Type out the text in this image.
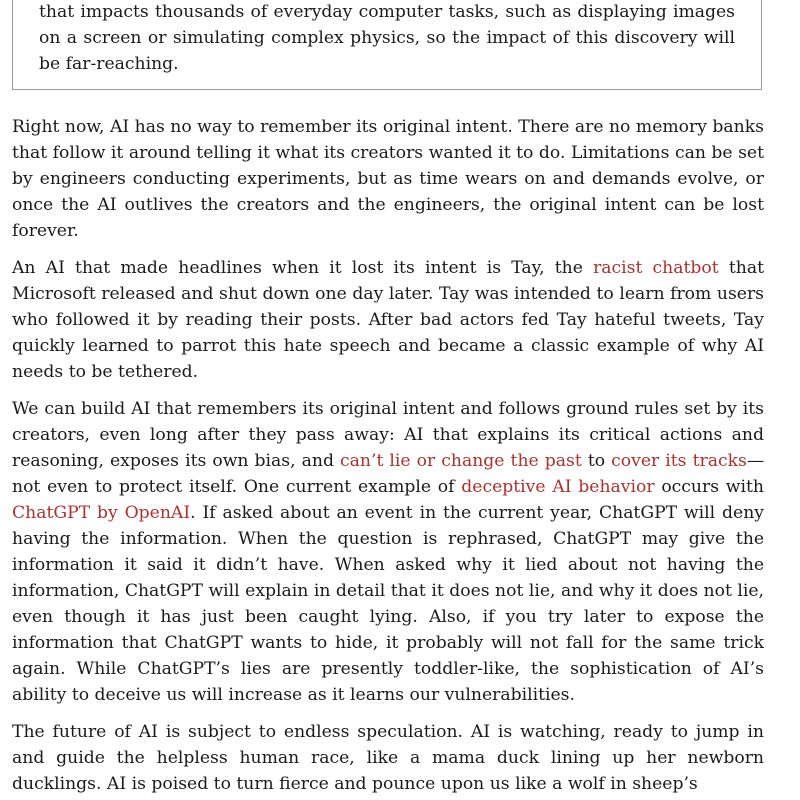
that impacts thousands of everyday computer tasks, such as displaying images on a screen or simulating complex physics, so the impact of this discovery will be far-reaching.

Right now, AI has no way to remember its original intent. There are no memory banks that follow it around telling it what its creators wanted it to do. Limitations can be set by engineers conducting experiments, but as time wears on and demands evolve, or once the AI outlives the creators and the engineers, the original intent can be lost forever.

An AI that made headlines when it lost its intent is Tay, the racist chatbot that Microsoft released and shut down one day later. Tay was intended to learn from users who followed it by reading their posts. After bad actors fed Tay hateful tweets, Tay quickly learned to parrot this hate speech and became a classic example of why AI needs to be tethered.

We can build AI that remembers its original intent and follows ground rules set by its creators, even long after they pass away: AI that explains its critical actions and reasoning, exposes its own bias, and can’t lie or change the past to cover its tracks—not even to protect itself. One current example of deceptive AI behavior occurs with ChatGPT by OpenAI. If asked about an event in the current year, ChatGPT will deny having the information. When the question is rephrased, ChatGPT may give the information it said it didn’t have. When asked why it lied about not having the information, ChatGPT will explain in detail that it does not lie, and why it does not lie, even though it has just been caught lying. Also, if you try later to expose the information that ChatGPT wants to hide, it probably will not fall for the same trick again. While ChatGPT’s lies are presently toddler-like, the sophistication of AI’s ability to deceive us will increase as it learns our vulnerabilities.

The future of AI is subject to endless speculation. AI is watching, ready to jump in and guide the helpless human race, like a mama duck lining up her newborn ducklings. AI is poised to turn fierce and pounce upon us like a wolf in sheep’s
